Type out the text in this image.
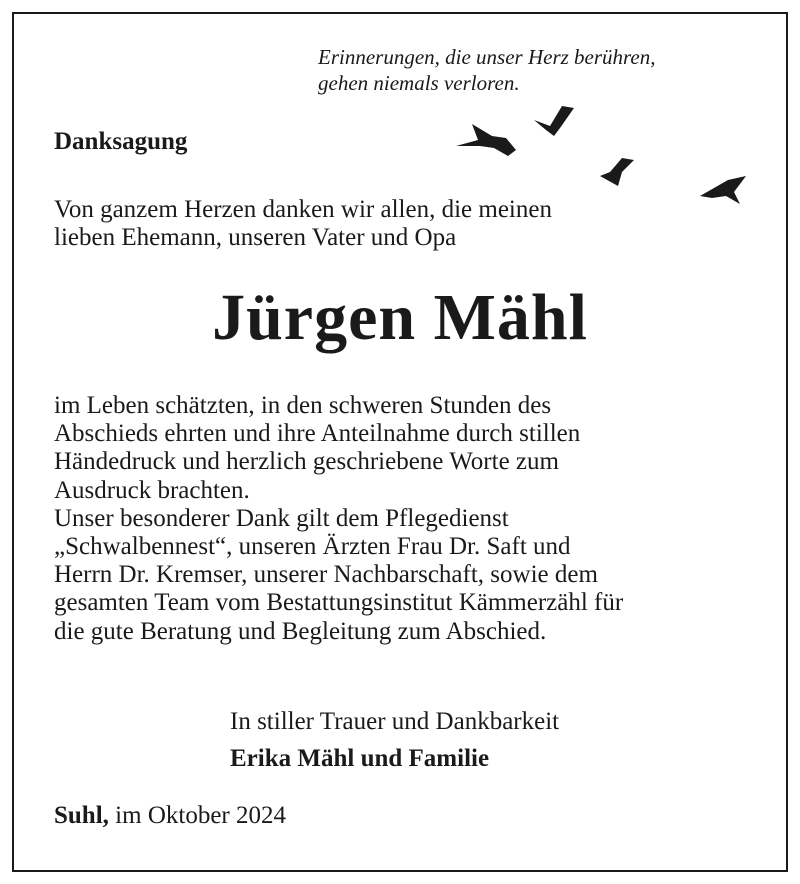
Erinnerungen, die unser Herz berühren,
gehen niemals verloren.
Danksagung
Von ganzem Herzen danken wir allen, die meinen
lieben Ehemann, unseren Vater und Opa
Jürgen Mähl
im Leben schätzten, in den schweren Stunden des
Abschieds ehrten und ihre Anteilnahme durch stillen
Händedruck und herzlich geschriebene Worte zum
Ausdruck brachten.
Unser besonderer Dank gilt dem Pflegedienst
„Schwalbennest“, unseren Ärzten Frau Dr. Saft und
Herrn Dr. Kremser, unserer Nachbarschaft, sowie dem
gesamten Team vom Bestattungsinstitut Kämmerzähl für
die gute Beratung und Begleitung zum Abschied.
In stiller Trauer und Dankbarkeit
Erika Mähl und Familie
Suhl, im Oktober 2024
